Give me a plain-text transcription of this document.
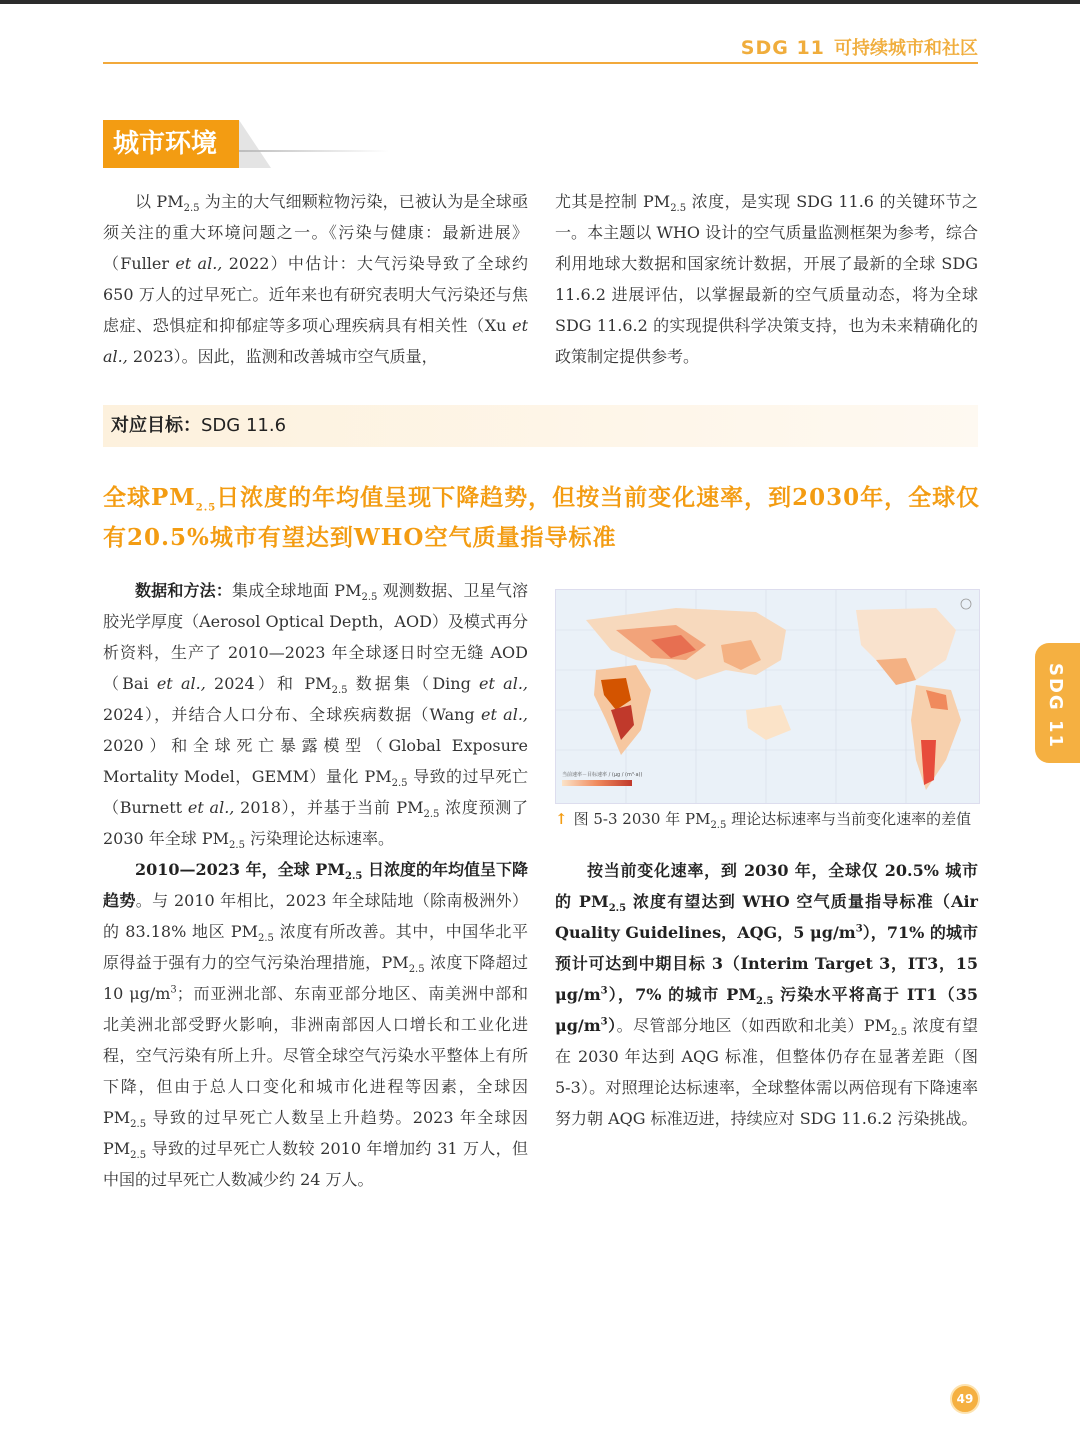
SDG 11 可持续城市和社区
城市环境

以 $PM_{2.5}$ 为主的大气细颗粒物污染，已被认为是全球亟须关注的重大环境问题之一。《污染与健康：最新进展》（Fuller et al., 2022）中估计：大气污染导致了全球约 650 万人的过早死亡。近年来也有研究表明大气污染还与焦虑症、恐惧症和抑郁症等多项心理疾病具有相关性（Xu et al., 2023）。因此，监测和改善城市空气质量，

尤其是控制 $PM_{2.5}$ 浓度，是实现 SDG 11.6 的关键环节之一。本主题以 WHO 设计的空气质量监测框架为参考，综合利用地球大数据和国家统计数据，开展了最新的全球 SDG 11.6.2 进展评估，以掌握最新的空气质量动态，将为全球 SDG 11.6.2 的实现提供科学决策支持，也为未来精确化的政策制定提供参考。

对应目标：SDG 11.6
全球$PM_{2.5}$日浓度的年均值呈现下降趋势，但按当前变化速率，到2030年，全球仅有20.5%城市有望达到WHO空气质量指导标准

数据和方法：集成全球地面 $PM_{2.5}$ 观测数据、卫星气溶胶光学厚度（Aerosol Optical Depth，AOD）及模式再分析资料，生产了 2010—2023 年全球逐日时空无缝 AOD（Bai et al., 2024）和 $PM_{2.5}$ 数据集（Ding et al., 2024），并结合人口分布、全球疾病数据（Wang et al., 2020）和全球死亡暴露模型（Global Exposure Mortality Model，GEMM）量化 $PM_{2.5}$ 导致的过早死亡（Burnett et al., 2018），并基于当前 $PM_{2.5}$ 浓度预测了 2030 年全球 $PM_{2.5}$ 污染理论达标速率。

2010—2023 年，全球 $PM_{2.5}$ 日浓度的年均值呈下降趋势。与 2010 年相比，2023 年全球陆地（除南极洲外）的 83.18% 地区 $PM_{2.5}$ 浓度有所改善。其中，中国华北平原得益于强有力的空气污染治理措施，$PM_{2.5}$ 浓度下降超过 10 $\mu g/m^3$；而亚洲北部、东南亚部分地区、南美洲中部和北美洲北部受野火影响，非洲南部因人口增长和工业化进程，空气污染有所上升。尽管全球空气污染水平整体上有所下降，但由于总人口变化和城市化进程等因素，全球因 $PM_{2.5}$ 导致的过早死亡人数呈上升趋势。2023 年全球因 $PM_{2.5}$ 导致的过早死亡人数较 2010 年增加约 31 万人，但中国的过早死亡人数减少约 24 万人。

当前速率－目标速率 / (μg / (m³·a))
↑ 图 5-3 2030 年 $PM_{2.5}$ 理论达标速率与当前变化速率的差值

按当前变化速率，到 2030 年，全球仅 20.5% 城市的 $PM_{2.5}$ 浓度有望达到 WHO 空气质量指导标准（Air Quality Guidelines，AQG，5 $\mu g/m^3$），71% 的城市预计可达到中期目标 3（Interim Target 3，IT3，15 $\mu g/m^3$），7% 的城市 $PM_{2.5}$ 污染水平将高于 IT1（35 $\mu g/m^3$）。尽管部分地区（如西欧和北美）$PM_{2.5}$ 浓度有望在 2030 年达到 AQG 标准，但整体仍存在显著差距（图 5-3）。对照理论达标速率，全球整体需以两倍现有下降速率努力朝 AQG 标准迈进，持续应对 SDG 11.6.2 污染挑战。

SDG 11
49
